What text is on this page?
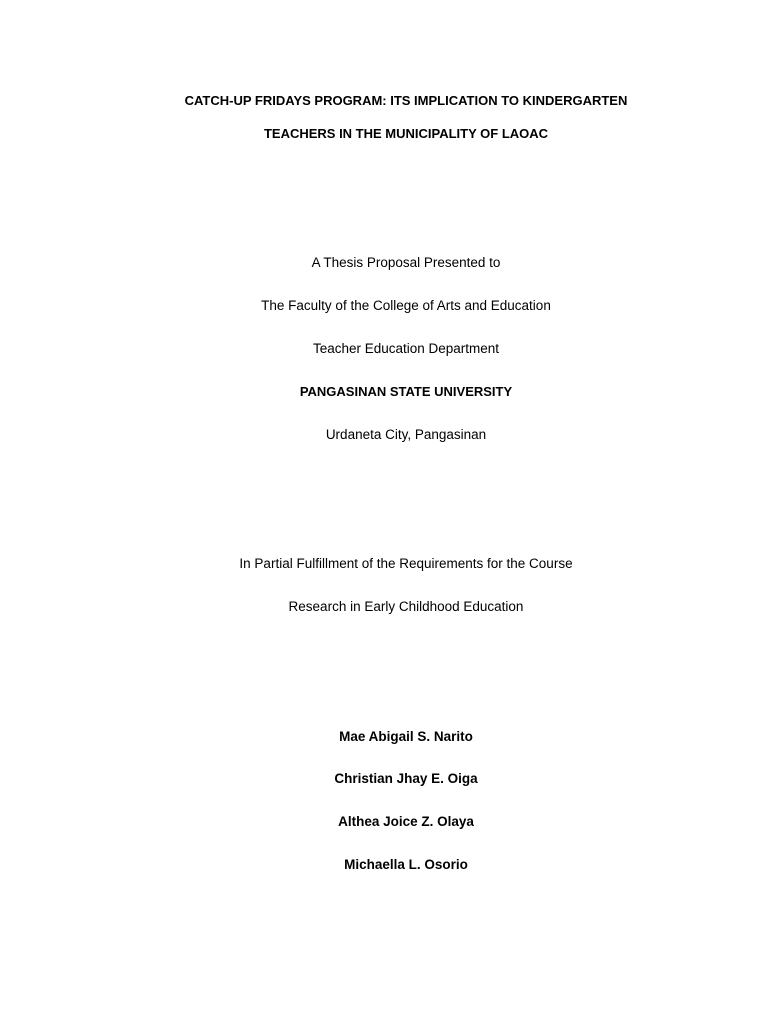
CATCH-UP FRIDAYS PROGRAM: ITS IMPLICATION TO KINDERGARTEN
TEACHERS IN THE MUNICIPALITY OF LAOAC
A Thesis Proposal Presented to
The Faculty of the College of Arts and Education
Teacher Education Department
PANGASINAN STATE UNIVERSITY
Urdaneta City, Pangasinan
In Partial Fulfillment of the Requirements for the Course
Research in Early Childhood Education
Mae Abigail S. Narito
Christian Jhay E. Oiga
Althea Joice Z. Olaya
Michaella L. Osorio
